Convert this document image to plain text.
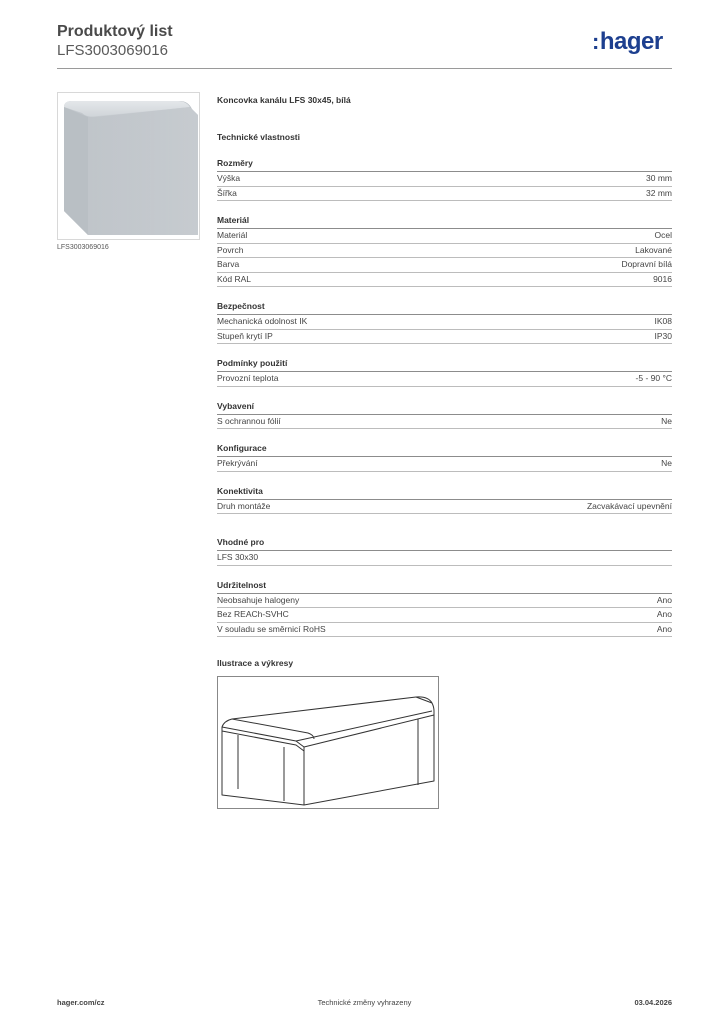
Produktový list
LFS3003069016	:hager
LFS3003069016
Koncovka kanálu LFS 30x45, bílá
Technické vlastnosti
Rozměry
Výška	30 mm
Šířka	32 mm
Materiál
Materiál	Ocel
Povrch	Lakované
Barva	Dopravní bílá
Kód RAL	9016
Bezpečnost
Mechanická odolnost IK	IK08
Stupeň krytí IP	IP30
Podmínky použití
Provozní teplota	-5 - 90 °C
Vybavení
S ochrannou fólií	Ne
Konfigurace
Překrývání	Ne
Konektivita
Druh montáže	Zacvakávací upevnění
Vhodné pro
LFS 30x30
Udržitelnost
Neobsahuje halogeny	Ano
Bez REACh-SVHC	Ano
V souladu se směrnicí RoHS	Ano
Ilustrace a výkresy
hager.com/cz	Technické změny vyhrazeny	03.04.2026
